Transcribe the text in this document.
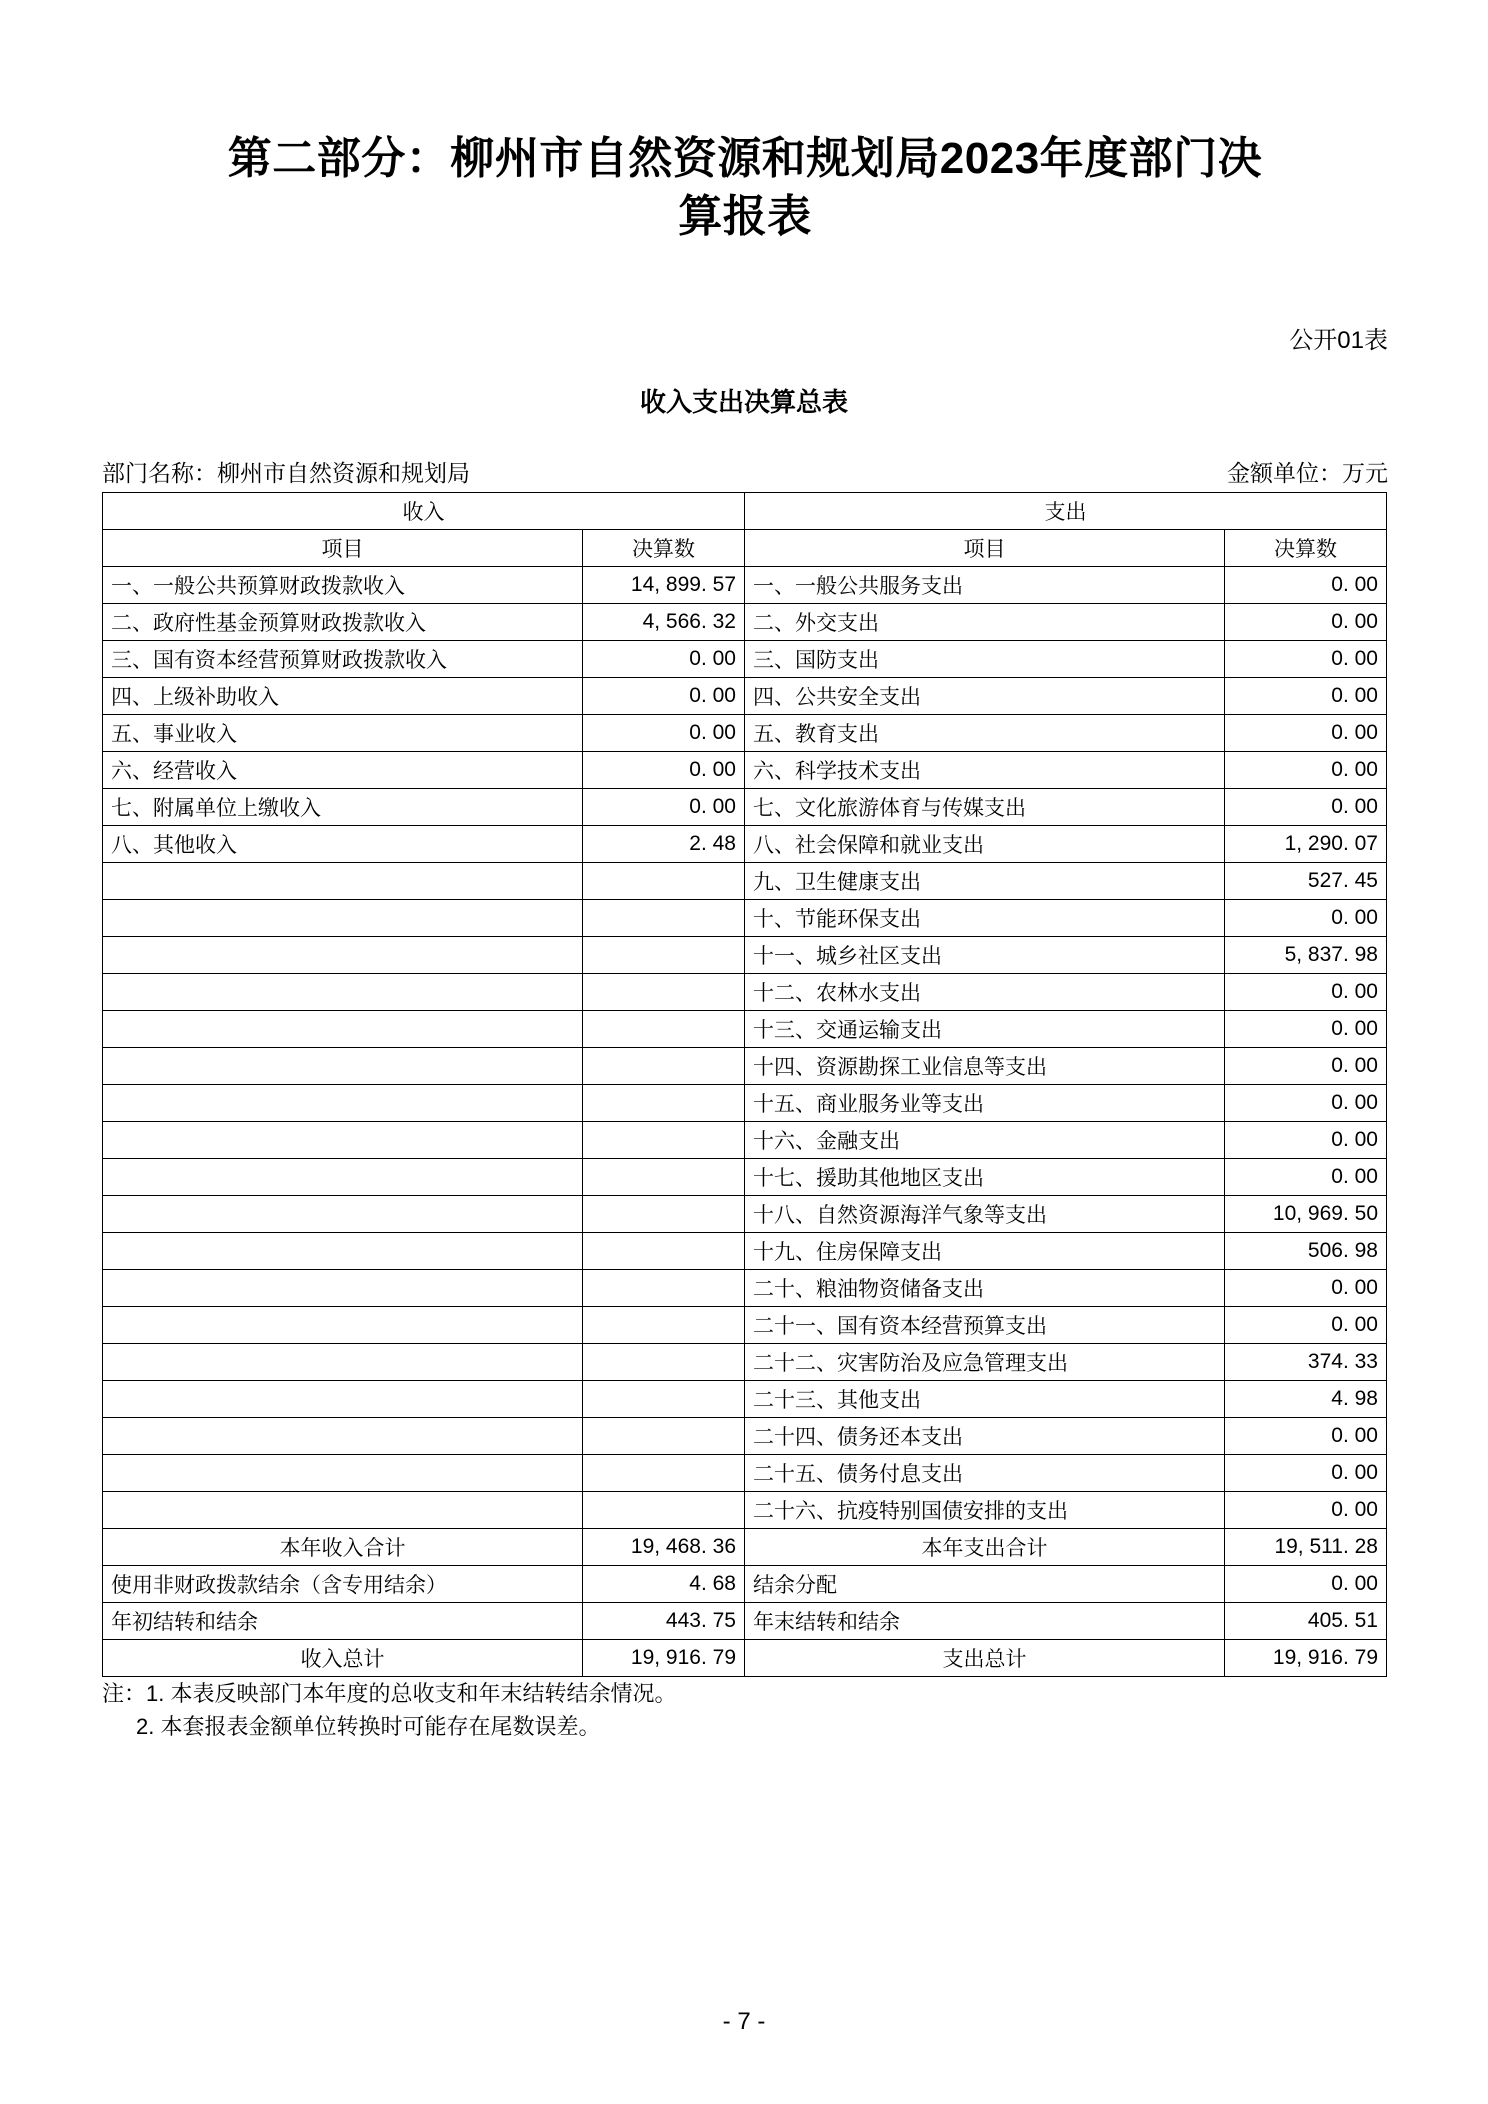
第二部分：柳州市自然资源和规划局2023年度部门决算报表
公开01表
收入支出决算总表
部门名称：柳州市自然资源和规划局	金额单位：万元
收入		支出	
项目	决算数	项目	决算数
一、一般公共预算财政拨款收入	14, 899. 57	一、一般公共服务支出	0. 00
二、政府性基金预算财政拨款收入	4, 566. 32	二、外交支出	0. 00
三、国有资本经营预算财政拨款收入	0. 00	三、国防支出	0. 00
四、上级补助收入	0. 00	四、公共安全支出	0. 00
五、事业收入	0. 00	五、教育支出	0. 00
六、经营收入	0. 00	六、科学技术支出	0. 00
七、附属单位上缴收入	0. 00	七、文化旅游体育与传媒支出	0. 00
八、其他收入	2. 48	八、社会保障和就业支出	1, 290. 07
		九、卫生健康支出	527. 45
		十、节能环保支出	0. 00
		十一、城乡社区支出	5, 837. 98
		十二、农林水支出	0. 00
		十三、交通运输支出	0. 00
		十四、资源勘探工业信息等支出	0. 00
		十五、商业服务业等支出	0. 00
		十六、金融支出	0. 00
		十七、援助其他地区支出	0. 00
		十八、自然资源海洋气象等支出	10, 969. 50
		十九、住房保障支出	506. 98
		二十、粮油物资储备支出	0. 00
		二十一、国有资本经营预算支出	0. 00
		二十二、灾害防治及应急管理支出	374. 33
		二十三、其他支出	4. 98
		二十四、债务还本支出	0. 00
		二十五、债务付息支出	0. 00
		二十六、抗疫特别国债安排的支出	0. 00
本年收入合计	19, 468. 36	本年支出合计	19, 511. 28
使用非财政拨款结余（含专用结余）	4. 68	结余分配	0. 00
年初结转和结余	443. 75	年末结转和结余	405. 51
收入总计	19, 916. 79	支出总计	19, 916. 79
注：1. 本表反映部门本年度的总收支和年末结转结余情况。
2. 本套报表金额单位转换时可能存在尾数误差。
- 7 -
